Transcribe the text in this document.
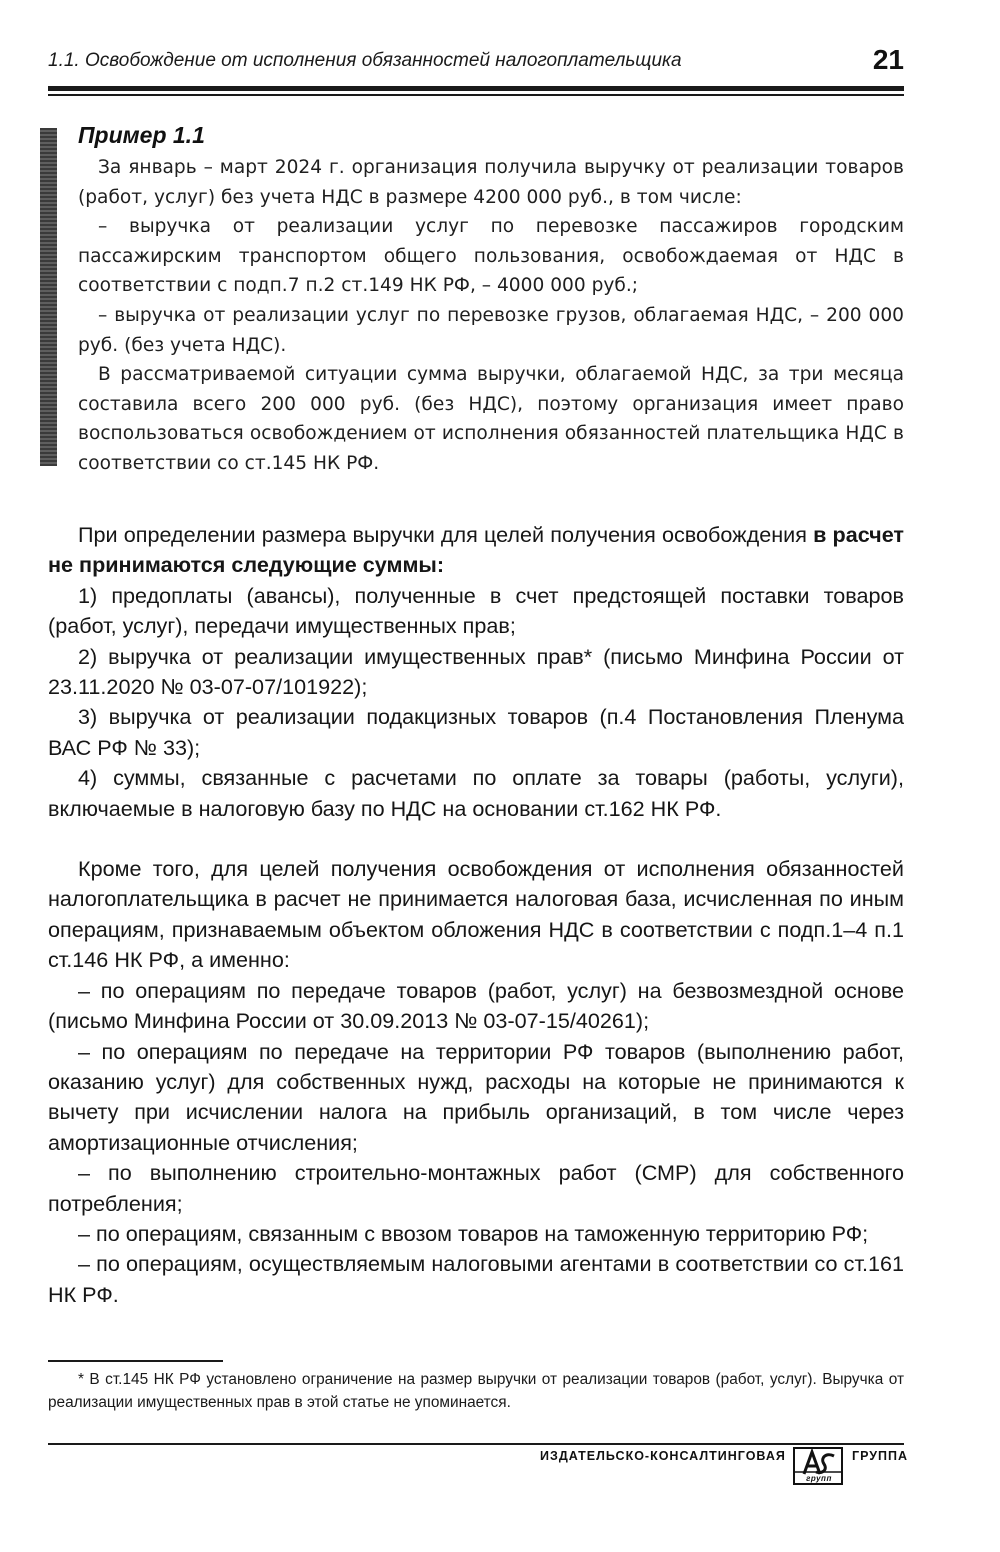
1.1. Освобождение от исполнения обязанностей налогоплательщика	21
Пример 1.1

За январь – март 2024 г. организация получила выручку от реализации товаров (работ, услуг) без учета НДС в размере 4200 000 руб., в том числе:

– выручка от реализации услуг по перевозке пассажиров городским пассажирским транспортом общего пользования, освобождаемая от НДС в соответствии с подп.7 п.2 ст.149 НК РФ, – 4000 000 руб.;

– выручка от реализации услуг по перевозке грузов, облагаемая НДС, – 200 000 руб. (без учета НДС).

В рассматриваемой ситуации сумма выручки, облагаемой НДС, за три месяца составила всего 200 000 руб. (без НДС), поэтому организация имеет право воспользоваться освобождением от исполнения обязанностей плательщика НДС в соответствии со ст.145 НК РФ.

При определении размера выручки для целей получения освобождения в расчет не принимаются следующие суммы:

1) предоплаты (авансы), полученные в счет предстоящей поставки товаров (работ, услуг), передачи имущественных прав;

2) выручка от реализации имущественных прав* (письмо Минфина России от 23.11.2020 № 03-07-07/101922);

3) выручка от реализации подакцизных товаров (п.4 Постановления Пленума ВАС РФ № 33);

4) суммы, связанные с расчетами по оплате за товары (работы, услуги), включаемые в налоговую базу по НДС на основании ст.162 НК РФ.

Кроме того, для целей получения освобождения от исполнения обязанностей налогоплательщика в расчет не принимается налоговая база, исчисленная по иным операциям, признаваемым объектом обложения НДС в соответствии с подп.1–4 п.1 ст.146 НК РФ, а именно:

– по операциям по передаче товаров (работ, услуг) на безвозмездной основе (письмо Минфина России от 30.09.2013 № 03-07-15/40261);

– по операциям по передаче на территории РФ товаров (выполнению работ, оказанию услуг) для собственных нужд, расходы на которые не принимаются к вычету при исчислении налога на прибыль организаций, в том числе через амортизационные отчисления;

– по выполнению строительно-монтажных работ (СМР) для собственного потребления;

– по операциям, связанным с ввозом товаров на таможенную территорию РФ;

– по операциям, осуществляемым налоговыми агентами в соответствии со ст.161 НК РФ.

* В ст.145 НК РФ установлено ограничение на размер выручки от реализации товаров (работ, услуг). Выручка от реализации имущественных прав в этой статье не упоминается.

ИЗДАТЕЛЬСКО-КОНСАЛТИНГОВАЯ
групп
ГРУППА
